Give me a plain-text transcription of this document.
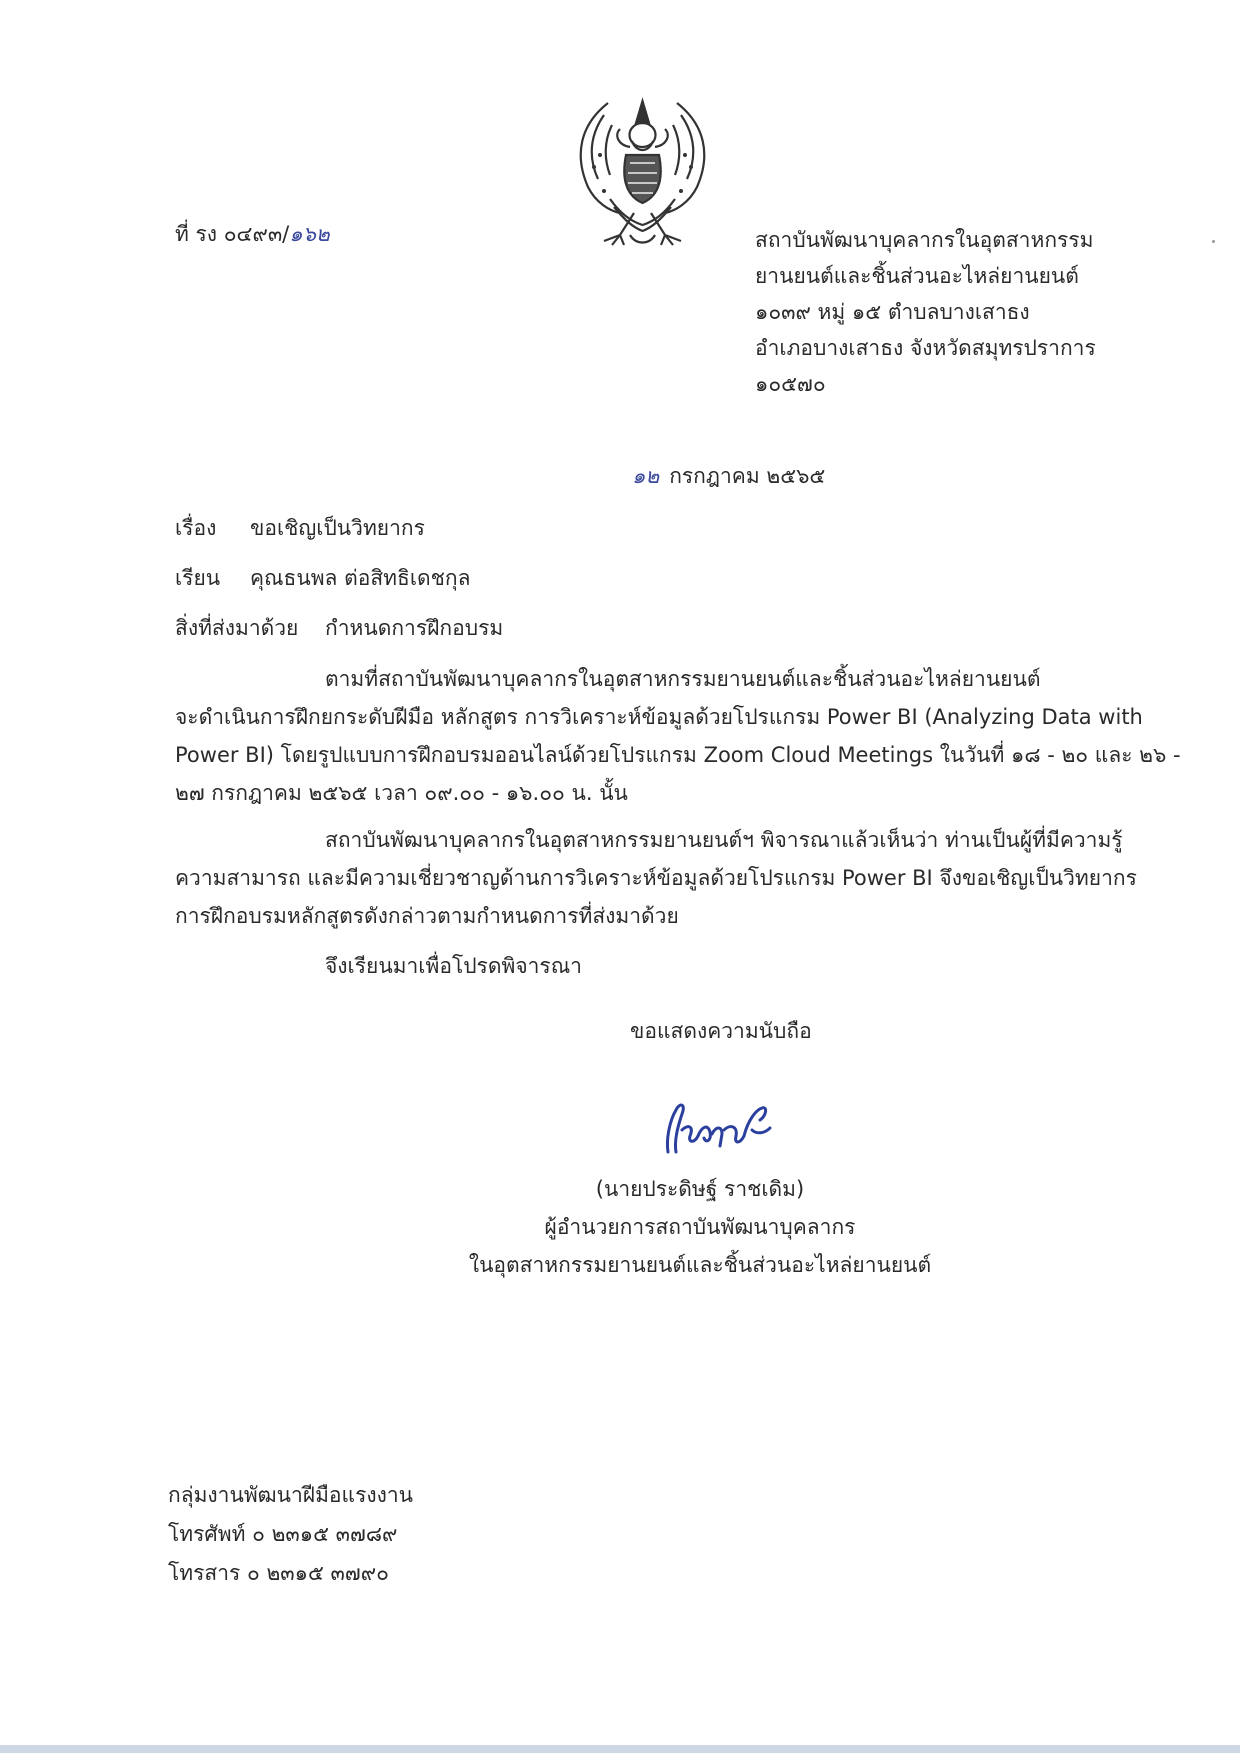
ที่ รง ๐๔๙๓/๑๖๒	สถาบันพัฒนาบุคลากรในอุตสาหกรรม
ยานยนต์และชิ้นส่วนอะไหล่ยานยนต์
๑๐๓๙ หมู่ ๑๕ ตำบลบางเสาธง
อำเภอบางเสาธง จังหวัดสมุทรปราการ
๑๐๕๗๐
๑๒ กรกฎาคม ๒๕๖๕
เรื่อง ขอเชิญเป็นวิทยากร
เรียน คุณธนพล ต่อสิทธิเดชกุล
สิ่งที่ส่งมาด้วย กำหนดการฝึกอบรม
ตามที่สถาบันพัฒนาบุคลากรในอุตสาหกรรมยานยนต์และชิ้นส่วนอะไหล่ยานยนต์
จะดำเนินการฝึกยกระดับฝีมือ หลักสูตร การวิเคราะห์ข้อมูลด้วยโปรแกรม Power BI (Analyzing Data with
Power BI) โดยรูปแบบการฝึกอบรมออนไลน์ด้วยโปรแกรม Zoom Cloud Meetings ในวันที่ ๑๘ - ๒๐ และ ๒๖ -
๒๗ กรกฎาคม ๒๕๖๕ เวลา ๐๙.๐๐ - ๑๖.๐๐ น. นั้น
สถาบันพัฒนาบุคลากรในอุตสาหกรรมยานยนต์ฯ พิจารณาแล้วเห็นว่า ท่านเป็นผู้ที่มีความรู้
ความสามารถ และมีความเชี่ยวชาญด้านการวิเคราะห์ข้อมูลด้วยโปรแกรม Power BI จึงขอเชิญเป็นวิทยากร
การฝึกอบรมหลักสูตรดังกล่าวตามกำหนดการที่ส่งมาด้วย
จึงเรียนมาเพื่อโปรดพิจารณา
ขอแสดงความนับถือ
(นายประดิษฐ์ ราชเดิม)
ผู้อำนวยการสถาบันพัฒนาบุคลากร
ในอุตสาหกรรมยานยนต์และชิ้นส่วนอะไหล่ยานยนต์
กลุ่มงานพัฒนาฝีมือแรงงาน
โทรศัพท์ ๐ ๒๓๑๕ ๓๗๘๙
โทรสาร ๐ ๒๓๑๕ ๓๗๙๐
